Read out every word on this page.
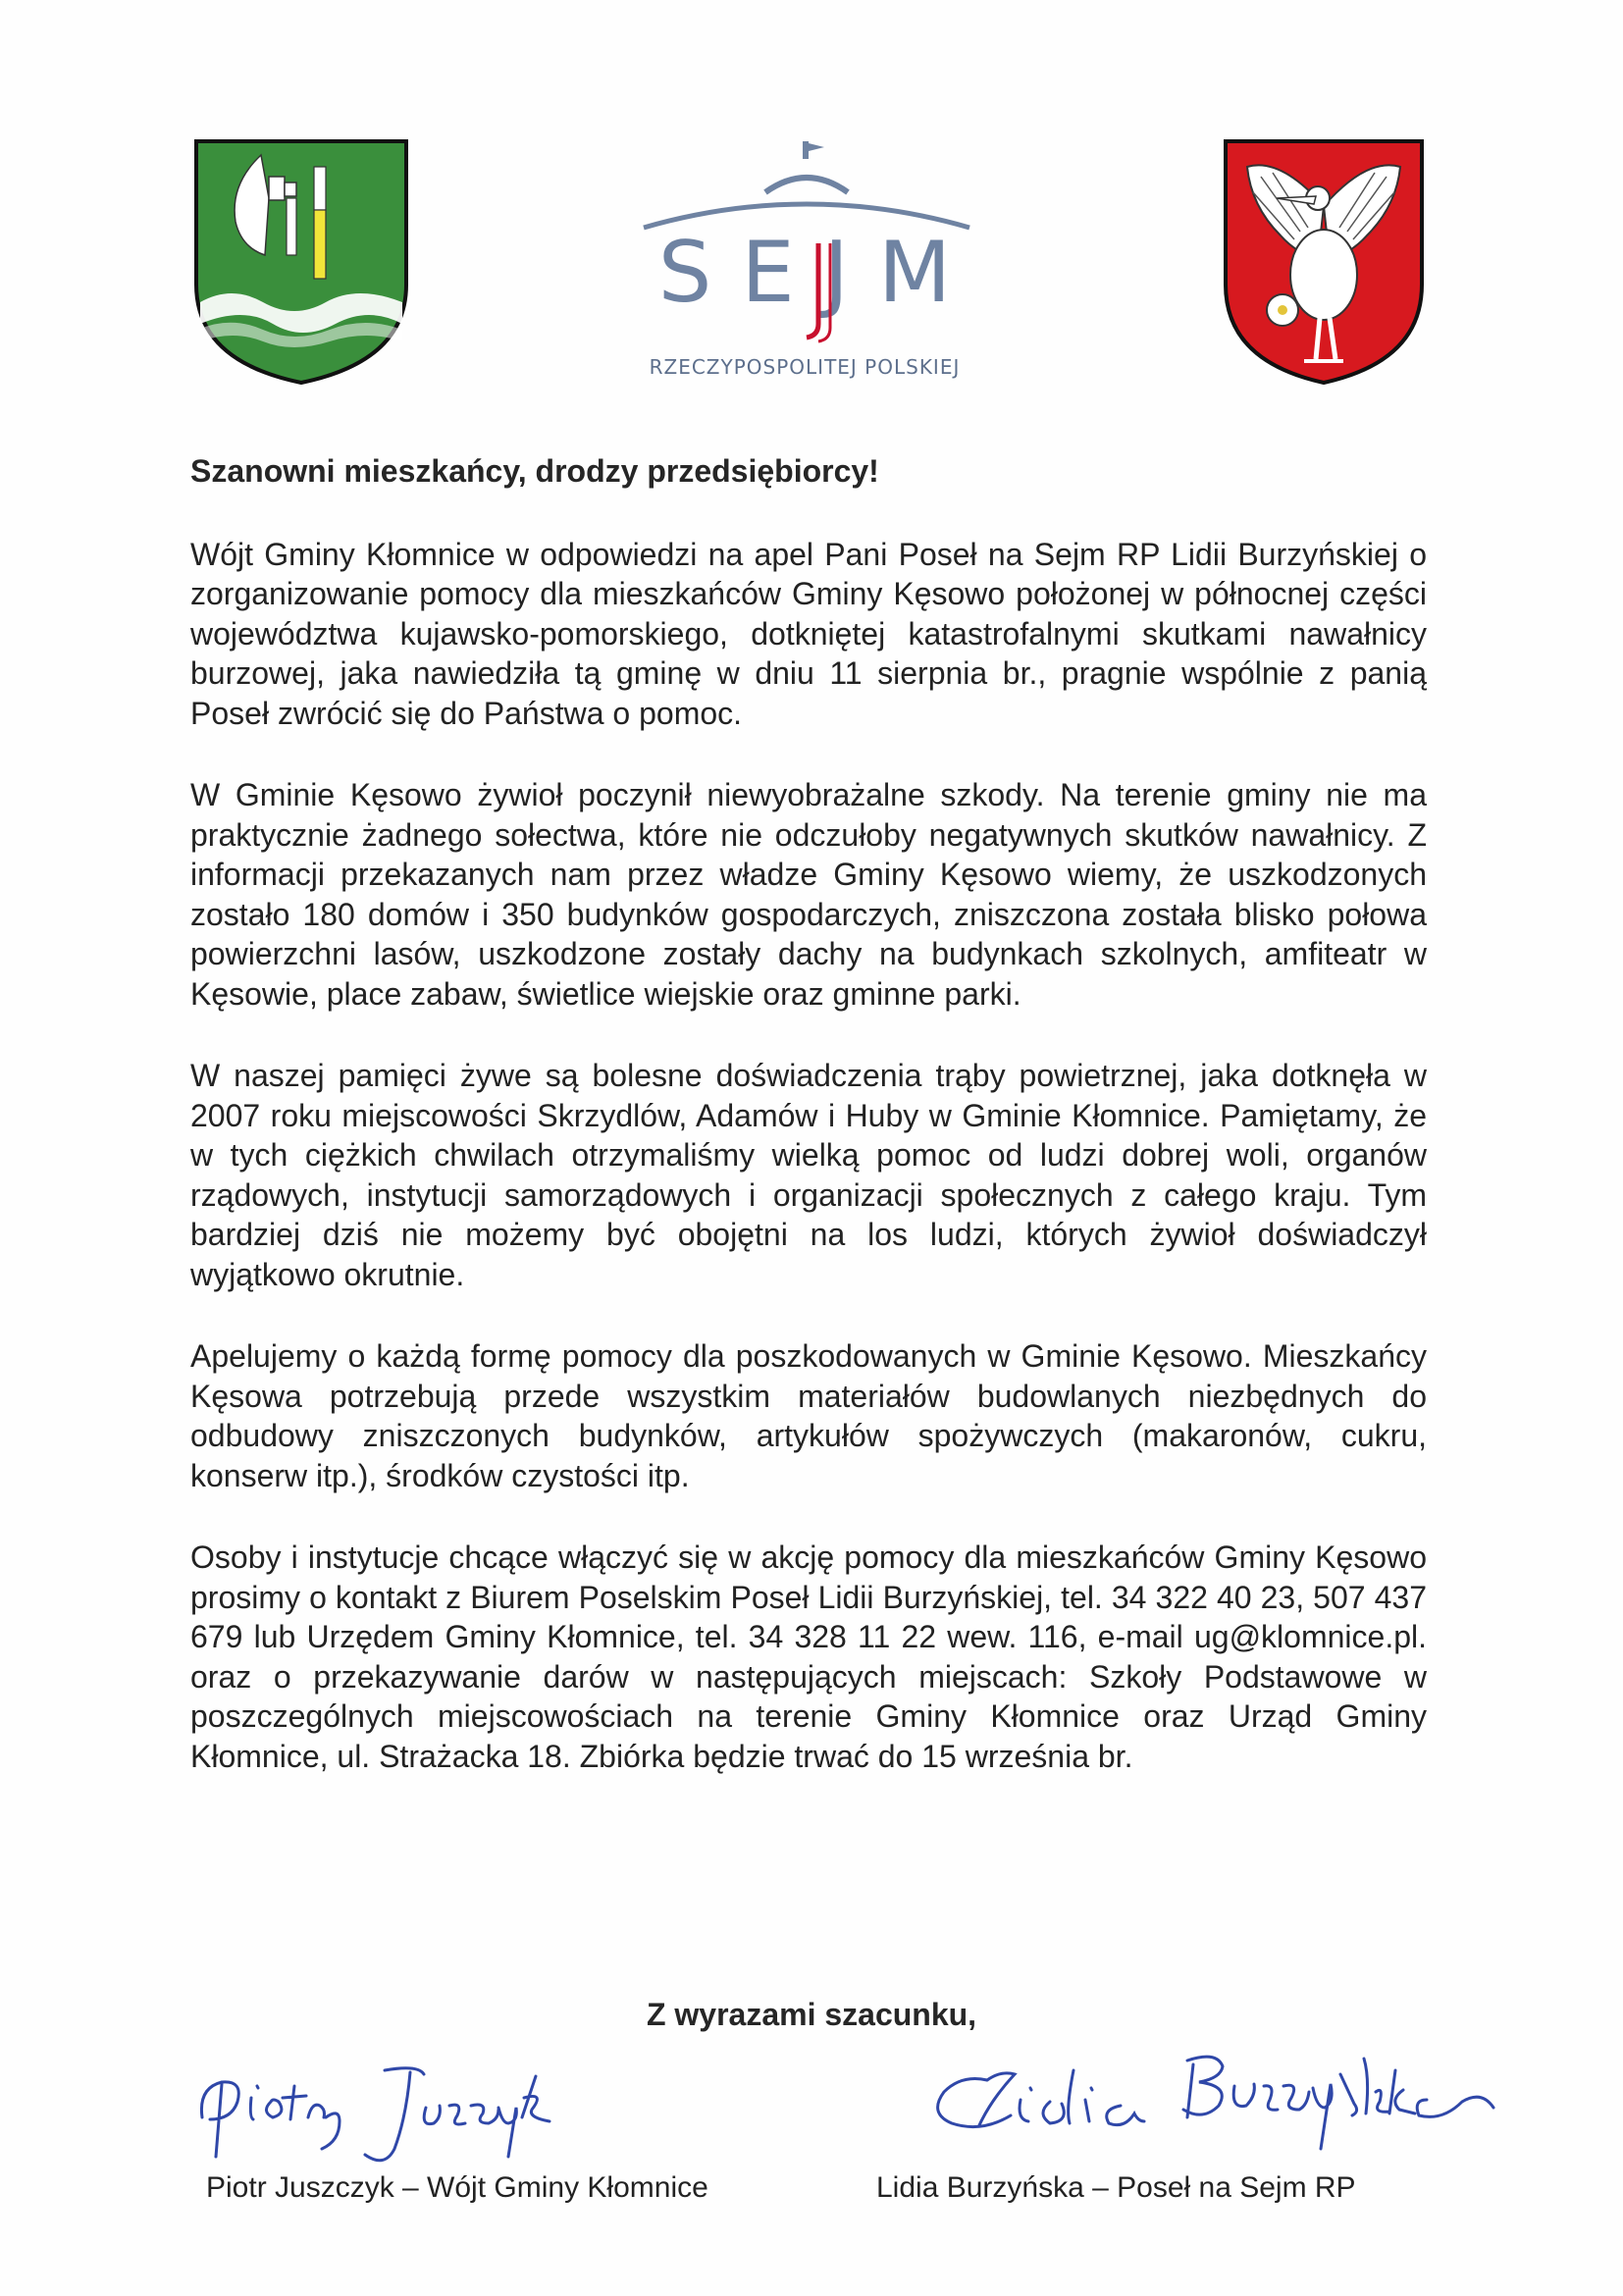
SEJM
RZECZYPOSPOLITEJ POLSKIEJ

Szanowni mieszkańcy, drodzy przedsiębiorcy!

Wójt Gminy Kłomnice w odpowiedzi na apel Pani Poseł na Sejm RP Lidii Burzyńskiej o zorganizowanie pomocy dla mieszkańców Gminy Kęsowo położonej w północnej części województwa kujawsko-pomorskiego, dotkniętej katastrofalnymi skutkami nawałnicy burzowej, jaka nawiedziła tą gminę w dniu 11 sierpnia br., pragnie wspólnie z panią Poseł zwrócić się do Państwa o pomoc.

W Gminie Kęsowo żywioł poczynił niewyobrażalne szkody. Na terenie gminy nie ma praktycznie żadnego sołectwa, które nie odczułoby negatywnych skutków nawałnicy. Z informacji przekazanych nam przez władze Gminy Kęsowo wiemy, że uszkodzonych zostało 180 domów i 350 budynków gospodarczych, zniszczona została blisko połowa powierzchni lasów, uszkodzone zostały dachy na budynkach szkolnych, amfiteatr w Kęsowie, place zabaw, świetlice wiejskie oraz gminne parki.

W naszej pamięci żywe są bolesne doświadczenia trąby powietrznej, jaka dotknęła w 2007 roku miejscowości Skrzydlów, Adamów i Huby w Gminie Kłomnice. Pamiętamy, że w tych ciężkich chwilach otrzymaliśmy wielką pomoc od ludzi dobrej woli, organów rządowych, instytucji samorządowych i organizacji społecznych z całego kraju. Tym bardziej dziś nie możemy być obojętni na los ludzi, których żywioł doświadczył wyjątkowo okrutnie.

Apelujemy o każdą formę pomocy dla poszkodowanych w Gminie Kęsowo. Mieszkańcy Kęsowa potrzebują przede wszystkim materiałów budowlanych niezbędnych do odbudowy zniszczonych budynków, artykułów spożywczych (makaronów, cukru, konserw itp.), środków czystości itp.

Osoby i instytucje chcące włączyć się w akcję pomocy dla mieszkańców Gminy Kęsowo prosimy o kontakt z Biurem Poselskim Poseł Lidii Burzyńskiej, tel. 34 322 40 23, 507 437 679 lub Urzędem Gminy Kłomnice, tel. 34 328 11 22 wew. 116, e-mail ug@klomnice.pl. oraz o przekazywanie darów w następujących miejscach: Szkoły Podstawowe w poszczególnych miejscowościach na terenie Gminy Kłomnice oraz Urząd Gminy Kłomnice, ul. Strażacka 18. Zbiórka będzie trwać do 15 września br.

Z wyrazami szacunku,
Piotr Juszczyk – Wójt Gminy Kłomnice	Lidia Burzyńska – Poseł na Sejm RP
